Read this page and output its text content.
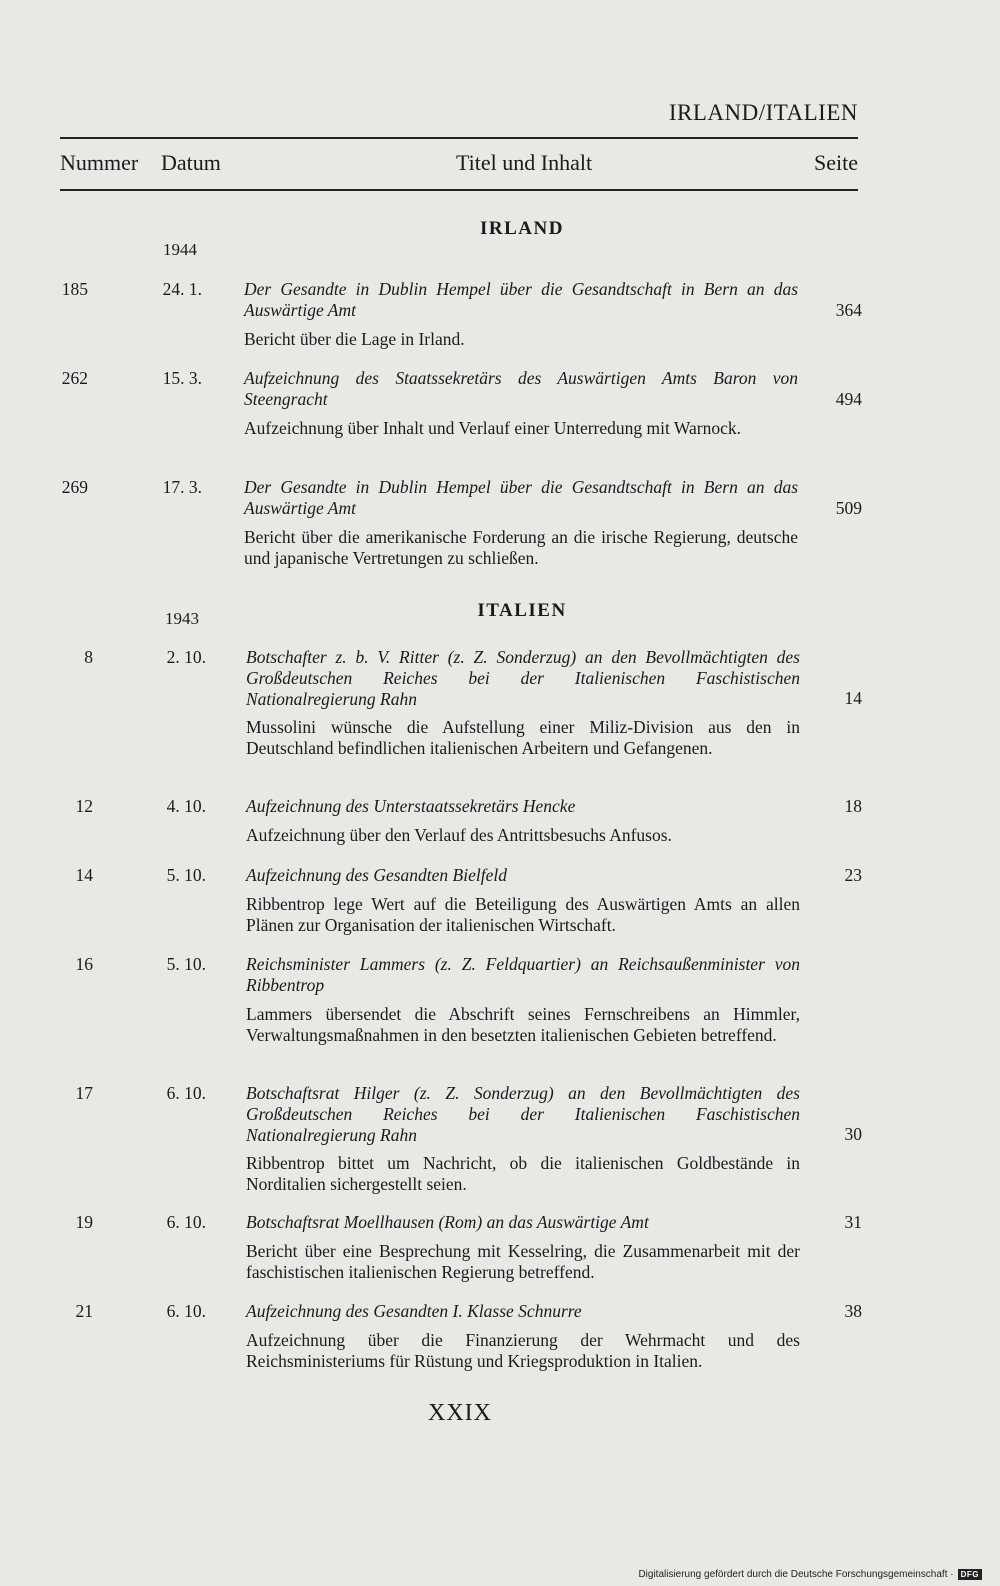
IRLAND/ITALIEN
Nummer Datum	Titel und Inhalt	Seite
IRLAND
1944
185	24. 1. Der Gesandte in Dublin Hempel über die Gesandtschaft in Bern an das Auswärtige Amt	364
Bericht über die Lage in Irland.
262	15. 3. Aufzeichnung des Staatssekretärs des Auswärtigen Amts Baron von Steengracht	494
Aufzeichnung über Inhalt und Verlauf einer Unterredung mit Warnock.
269	17. 3. Der Gesandte in Dublin Hempel über die Gesandtschaft in Bern an das Auswärtige Amt	509
Bericht über die amerikanische Forderung an die irische Regierung, deutsche und japanische Vertretungen zu schließen.
1943	ITALIEN
8	2. 10. Botschafter z. b. V. Ritter (z. Z. Sonderzug) an den Bevollmächtigten des Großdeutschen Reiches bei der Italienischen Faschistischen Nationalregierung Rahn	14
Mussolini wünsche die Aufstellung einer Miliz-Division aus den in Deutschland befindlichen italienischen Arbeitern und Gefangenen.
12	4. 10. Aufzeichnung des Unterstaatssekretärs Hencke	18
Aufzeichnung über den Verlauf des Antrittsbesuchs Anfusos.
14	5. 10. Aufzeichnung des Gesandten Bielfeld	23
Ribbentrop lege Wert auf die Beteiligung des Auswärtigen Amts an allen Plänen zur Organisation der italienischen Wirtschaft.
16	5. 10. Reichsminister Lammers (z. Z. Feldquartier) an Reichsaußenminister von Ribbentrop
Lammers übersendet die Abschrift seines Fernschreibens an Himmler, Verwaltungsmaßnahmen in den besetzten italienischen Gebieten betreffend.
17	6. 10. Botschaftsrat Hilger (z. Z. Sonderzug) an den Bevollmächtigten des Großdeutschen Reiches bei der Italienischen Faschistischen Nationalregierung Rahn	30
Ribbentrop bittet um Nachricht, ob die italienischen Goldbestände in Norditalien sichergestellt seien.
19	6. 10. Botschaftsrat Moellhausen (Rom) an das Auswärtige Amt	31
Bericht über eine Besprechung mit Kesselring, die Zusammenarbeit mit der faschistischen italienischen Regierung betreffend.
21	6. 10. Aufzeichnung des Gesandten I. Klasse Schnurre	38
Aufzeichnung über die Finanzierung der Wehrmacht und des Reichsministeriums für Rüstung und Kriegsproduktion in Italien.
XXIX
Digitalisierung gefördert durch die Deutsche Forschungsgemeinschaft · DFG
